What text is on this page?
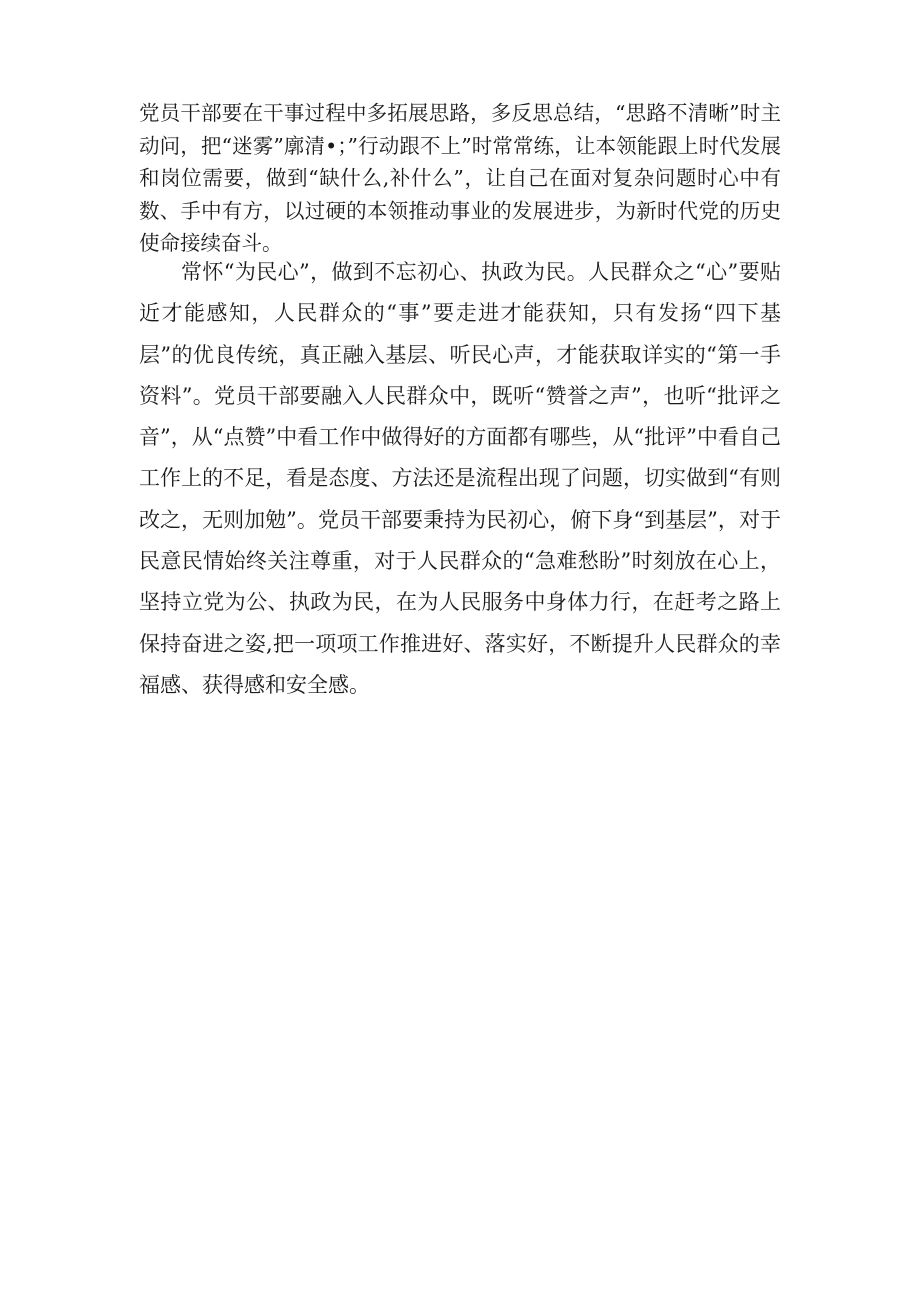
党员干部要在干事过程中多拓展思路，多反思总结，“思路不清晰”时主动问，把“迷雾”廓清•；”行动跟不上”时常常练，让本领能跟上时代发展和岗位需要，做到“缺什么,补什么”，让自己在面对复杂问题时心中有数、手中有方，以过硬的本领推动事业的发展进步，为新时代党的历史使命接续奋斗。

常怀“为民心”，做到不忘初心、执政为民。人民群众之“心”要贴近才能感知，人民群众的“事”要走进才能获知，只有发扬“四下基层”的优良传统，真正融入基层、听民心声，才能获取详实的“第一手资料”。党员干部要融入人民群众中，既听“赞誉之声”，也听“批评之音”，从“点赞”中看工作中做得好的方面都有哪些，从“批评”中看自己工作上的不足，看是态度、方法还是流程出现了问题，切实做到“有则改之，无则加勉”。党员干部要秉持为民初心，俯下身“到基层”，对于民意民情始终关注尊重，对于人民群众的“急难愁盼”时刻放在心上，坚持立党为公、执政为民，在为人民服务中身体力行，在赶考之路上保持奋进之姿,把一项项工作推进好、落实好，不断提升人民群众的幸福感、获得感和安全感。
